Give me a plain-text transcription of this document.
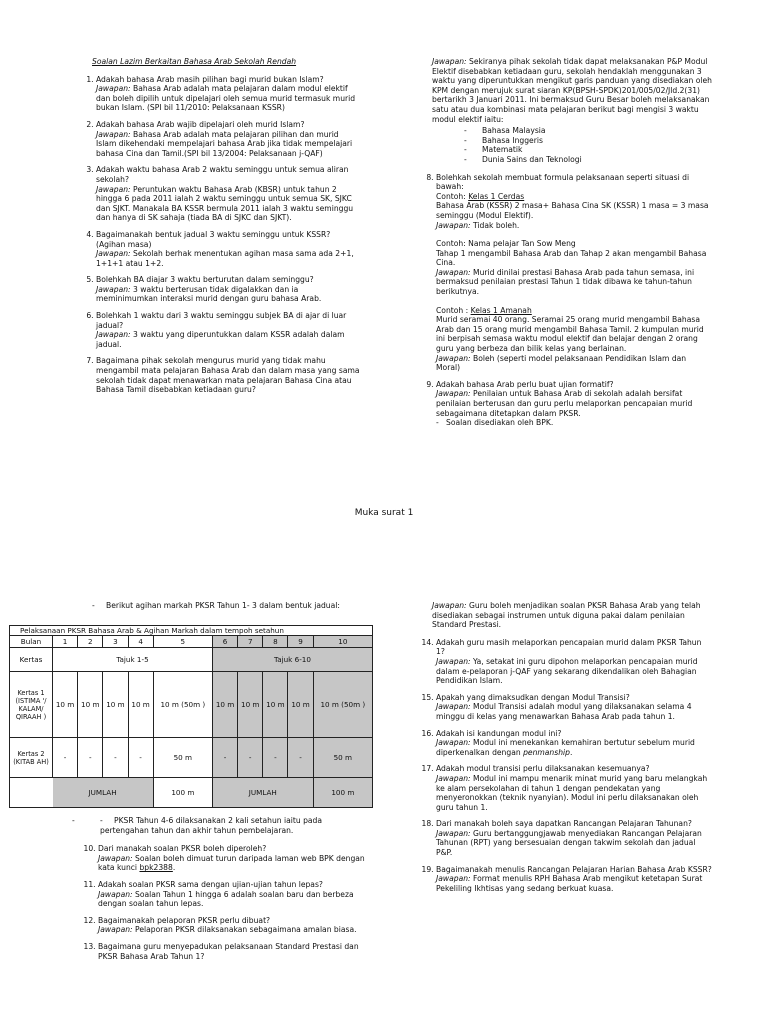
Soalan Lazim Berkaitan Bahasa Arab Sekolah Rendah

1. Adakah bahasa Arab masih pilihan bagi murid bukan Islam?

Jawapan: Bahasa Arab adalah mata pelajaran dalam modul elektif dan boleh dipilih untuk dipelajari oleh semua murid termasuk murid bukan Islam. (SPI bil 11/2010: Pelaksanaan KSSR)

2. Adakah bahasa Arab wajib dipelajari oleh murid Islam?

Jawapan: Bahasa Arab adalah mata pelajaran pilihan dan murid Islam dikehendaki mempelajari bahasa Arab jika tidak mempelajari bahasa Cina dan Tamil.(SPI bil 13/2004: Pelaksanaan j-QAF)

3. Adakah waktu bahasa Arab 2 waktu seminggu untuk semua aliran sekolah?

Jawapan: Peruntukan waktu Bahasa Arab (KBSR) untuk tahun 2 hingga 6 pada 2011 ialah 2 waktu seminggu untuk semua SK, SJKC dan SJKT. Manakala BA KSSR bermula 2011 ialah 3 waktu seminggu dan hanya di SK sahaja (tiada BA di SJKC dan SJKT).

4. Bagaimanakah bentuk jadual 3 waktu seminggu untuk KSSR? (Agihan masa)

Jawapan: Sekolah berhak menentukan agihan masa sama ada 2+1, 1+1+1 atau 1+2.

5. Bolehkah BA diajar 3 waktu berturutan dalam seminggu?

Jawapan: 3 waktu berterusan tidak digalakkan dan ia meminimumkan interaksi murid dengan guru bahasa Arab.

6. Bolehkah 1 waktu dari 3 waktu seminggu subjek BA di ajar di luar jadual?

Jawapan: 3 waktu yang diperuntukkan dalam KSSR adalah dalam jadual.

7. Bagaimana pihak sekolah mengurus murid yang tidak mahu mengambil mata pelajaran Bahasa Arab dan dalam masa yang sama sekolah tidak dapat menawarkan mata pelajaran Bahasa Cina atau Bahasa Tamil disebabkan ketiadaan guru?

Jawapan: Sekiranya pihak sekolah tidak dapat melaksanakan P&P Modul Elektif disebabkan ketiadaan guru, sekolah hendaklah menggunakan 3 waktu yang diperuntukkan mengikut garis panduan yang disediakan oleh KPM dengan merujuk surat siaran KP(BPSH-SPDK)201/005/02/Jld.2(31) bertarikh 3 Januari 2011. Ini bermaksud Guru Besar boleh melaksanakan satu atau dua kombinasi mata pelajaran berikut bagi mengisi 3 waktu modul elektif iaitu:

- Bahasa Malaysia
- Bahasa Inggeris
- Matematik
- Dunia Sains dan Teknologi

8. Bolehkah sekolah membuat formula pelaksanaan seperti situasi di bawah:

Contoh: Kelas 1 Cerdas

Bahasa Arab (KSSR) 2 masa+ Bahasa Cina SK (KSSR) 1 masa = 3 masa seminggu (Modul Elektif).

Jawapan: Tidak boleh.

Contoh: Nama pelajar Tan Sow Meng

Tahap 1 mengambil Bahasa Arab dan Tahap 2 akan mengambil Bahasa Cina.

Jawapan: Murid dinilai prestasi Bahasa Arab pada tahun semasa, ini bermaksud penilaian prestasi Tahun 1 tidak dibawa ke tahun-tahun berikutnya.

Contoh : Kelas 1 Amanah

Murid seramai 40 orang. Seramai 25 orang murid mengambil Bahasa Arab dan 15 orang murid mengambil Bahasa Tamil. 2 kumpulan murid ini berpisah semasa waktu modul elektif dan belajar dengan 2 orang guru yang berbeza dan bilik kelas yang berlainan.

Jawapan: Boleh (seperti model pelaksanaan Pendidikan Islam dan Moral)

9. Adakah bahasa Arab perlu buat ujian formatif?

Jawapan: Penilaian untuk Bahasa Arab di sekolah adalah bersifat penilaian berterusan dan guru perlu melaporkan pencapaian murid sebagaimana ditetapkan dalam PKSR.

- Soalan disediakan oleh BPK.

Muka surat 1
- Berikut agihan markah PKSR Tahun 1- 3 dalam bentuk jadual:
Pelaksanaan PKSR Bahasa Arab & Agihan Markah dalam tempoh setahun										
Bulan	1	2	3	4	5	6	7	8	9	10
Kertas	Tajuk 1-5					Tajuk 6-10				
Kertas 1 (ISTIMA '/ KALAM/ QIRAAH )	10 m	10 m	10 m	10 m	10 m (50m )	10 m	10 m	10 m	10 m	10 m (50m )
Kertas 2 (KITAB AH)	-	-	-	-	50 m	-	-	-	-	50 m
	JUMLAH				100 m	JUMLAH				100 m
- - PKSR Tahun 4-6 dilaksanakan 2 kali setahun iaitu pada pertengahan tahun dan akhir tahun pembelajaran.

10. Dari manakah soalan PKSR boleh diperoleh?

Jawapan: Soalan boleh dimuat turun daripada laman web BPK dengan kata kunci bpk2388.

11. Adakah soalan PKSR sama dengan ujian-ujian tahun lepas?

Jawapan: Soalan Tahun 1 hingga 6 adalah soalan baru dan berbeza dengan soalan tahun lepas.

12. Bagaimanakah pelaporan PKSR perlu dibuat?

Jawapan: Pelaporan PKSR dilaksanakan sebagaimana amalan biasa.

13. Bagaimana guru menyepadukan pelaksanaan Standard Prestasi dan PKSR Bahasa Arab Tahun 1?

Jawapan: Guru boleh menjadikan soalan PKSR Bahasa Arab yang telah disediakan sebagai instrumen untuk diguna pakai dalam penilaian Standard Prestasi.

14. Adakah guru masih melaporkan pencapaian murid dalam PKSR Tahun 1?

Jawapan: Ya, setakat ini guru dipohon melaporkan pencapaian murid dalam e-pelaporan j-QAF yang sekarang dikendalikan oleh Bahagian Pendidikan Islam.

15. Apakah yang dimaksudkan dengan Modul Transisi?

Jawapan: Modul Transisi adalah modul yang dilaksanakan selama 4 minggu di kelas yang menawarkan Bahasa Arab pada tahun 1.

16. Adakah isi kandungan modul ini?

Jawapan: Modul ini menekankan kemahiran bertutur sebelum murid diperkenalkan dengan penmanship.

17. Adakah modul transisi perlu dilaksanakan kesemuanya?

Jawapan: Modul ini mampu menarik minat murid yang baru melangkah ke alam persekolahan di tahun 1 dengan pendekatan yang menyeronokkan (teknik nyanyian). Modul ini perlu dilaksanakan oleh guru tahun 1.

18. Dari manakah boleh saya dapatkan Rancangan Pelajaran Tahunan?

Jawapan: Guru bertanggungjawab menyediakan Rancangan Pelajaran Tahunan (RPT) yang bersesuaian dengan takwim sekolah dan jadual P&P.

19. Bagaimanakah menulis Rancangan Pelajaran Harian Bahasa Arab KSSR?

Jawapan: Format menulis RPH Bahasa Arab mengikut ketetapan Surat Pekeliling Ikhtisas yang sedang berkuat kuasa.
